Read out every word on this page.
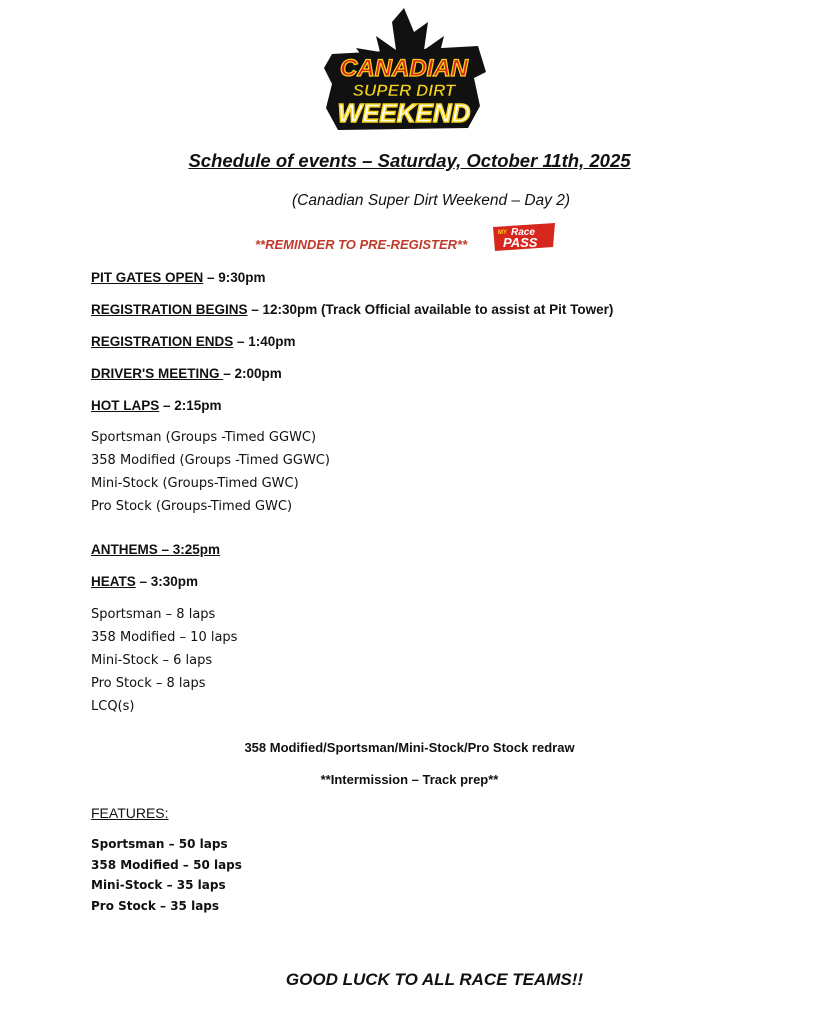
CANADIAN
SUPER DIRT
WEEKEND
Schedule of events – Saturday, October 11th, 2025
(Canadian Super Dirt Weekend – Day 2)
**REMINDER TO PRE-REGISTER**
MY Race
PASS
PIT GATES OPEN – 9:30pm
REGISTRATION BEGINS – 12:30pm (Track Official available to assist at Pit Tower)
REGISTRATION ENDS – 1:40pm
DRIVER'S MEETING – 2:00pm
HOT LAPS – 2:15pm
Sportsman (Groups -Timed GGWC)
358 Modified (Groups -Timed GGWC)
Mini-Stock (Groups-Timed GWC)
Pro Stock (Groups-Timed GWC)
ANTHEMS – 3:25pm
HEATS – 3:30pm
Sportsman – 8 laps
358 Modified – 10 laps
Mini-Stock – 6 laps
Pro Stock – 8 laps
LCQ(s)
358 Modified/Sportsman/Mini-Stock/Pro Stock redraw
**Intermission – Track prep**
FEATURES:
Sportsman – 50 laps
358 Modified – 50 laps
Mini-Stock – 35 laps
Pro Stock – 35 laps
GOOD LUCK TO ALL RACE TEAMS!!
